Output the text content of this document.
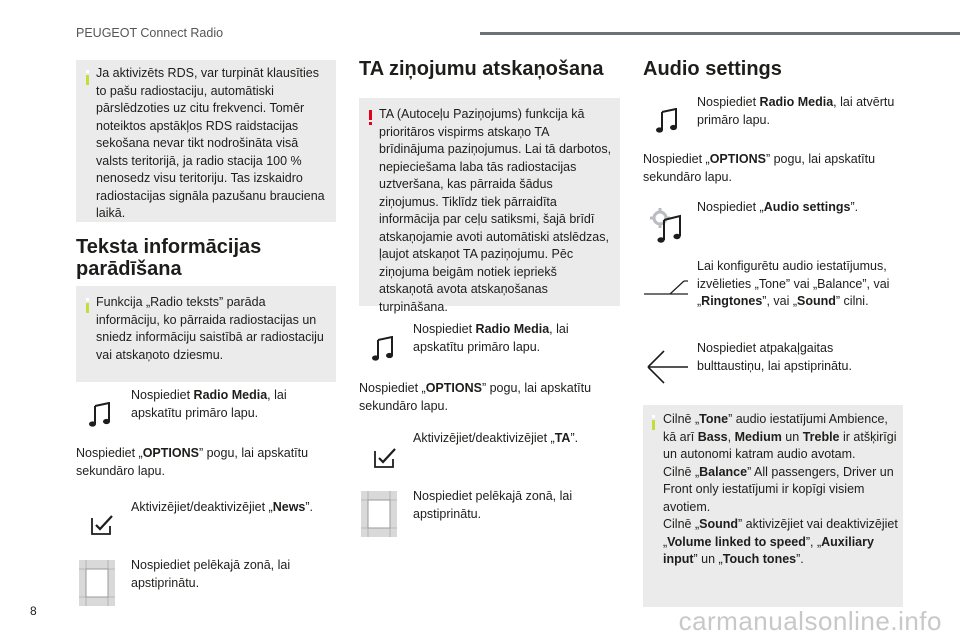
PEUGEOT Connect Radio

Ja aktivizēts RDS, var turpināt klausīties to pašu radiostaciju, automātiski pārslēdzoties uz citu frekvenci. Tomēr noteiktos apstākļos RDS raidstacijas sekošana nevar tikt nodrošināta visā valsts teritorijā, ja radio stacija 100 % nenosedz visu teritoriju. Tas izskaidro radiostacijas signāla pazušanu brauciena laikā.

Teksta informācijas parādīšana

Funkcija „Radio teksts” parāda informāciju, ko pārraida radiostacijas un sniedz informāciju saistībā ar radiostaciju vai atskaņoto dziesmu.

Nospiediet Radio Media, lai apskatītu primāro lapu.

Nospiediet „OPTIONS” pogu, lai apskatītu sekundāro lapu.

Aktivizējiet/deaktivizējiet „News”.

Nospiediet pelēkajā zonā, lai apstiprinātu.

TA ziņojumu atskaņošana

TA (Autoceļu Paziņojums) funkcija kā prioritāros vispirms atskaņo TA brīdinājuma paziņojumus. Lai tā darbotos, nepieciešama laba tās radiostacijas uztveršana, kas pārraida šādus ziņojumus. Tiklīdz tiek pārraidīta informācija par ceļu satiksmi, šajā brīdī atskaņojamie avoti automātiski atslēdzas, ļaujot atskaņot TA paziņojumu. Pēc ziņojuma beigām notiek iepriekš atskaņotā avota atskaņošanas turpināšana.

Nospiediet Radio Media, lai apskatītu primāro lapu.

Nospiediet „OPTIONS” pogu, lai apskatītu sekundāro lapu.

Aktivizējiet/deaktivizējiet „TA”.

Nospiediet pelēkajā zonā, lai apstiprinātu.

Audio settings

Nospiediet Radio Media, lai atvērtu primāro lapu.

Nospiediet „OPTIONS” pogu, lai apskatītu sekundāro lapu.

Nospiediet „Audio settings”.

Lai konfigurētu audio iestatījumus, izvēlieties „Tone” vai „Balance”, vai „Ringtones”, vai „Sound” cilni.

Nospiediet atpakaļgaitas bulttaustiņu, lai apstiprinātu.

Cilnē „Tone” audio iestatījumi Ambience, kā arī Bass, Medium un Treble ir atšķirīgi un autonomi katram audio avotam.
Cilnē „Balance” All passengers, Driver un Front only iestatījumi ir kopīgi visiem avotiem.
Cilnē „Sound” aktivizējiet vai deaktivizējiet „Volume linked to speed”, „Auxiliary input” un „Touch tones”.

8	carmanualsonline.info
